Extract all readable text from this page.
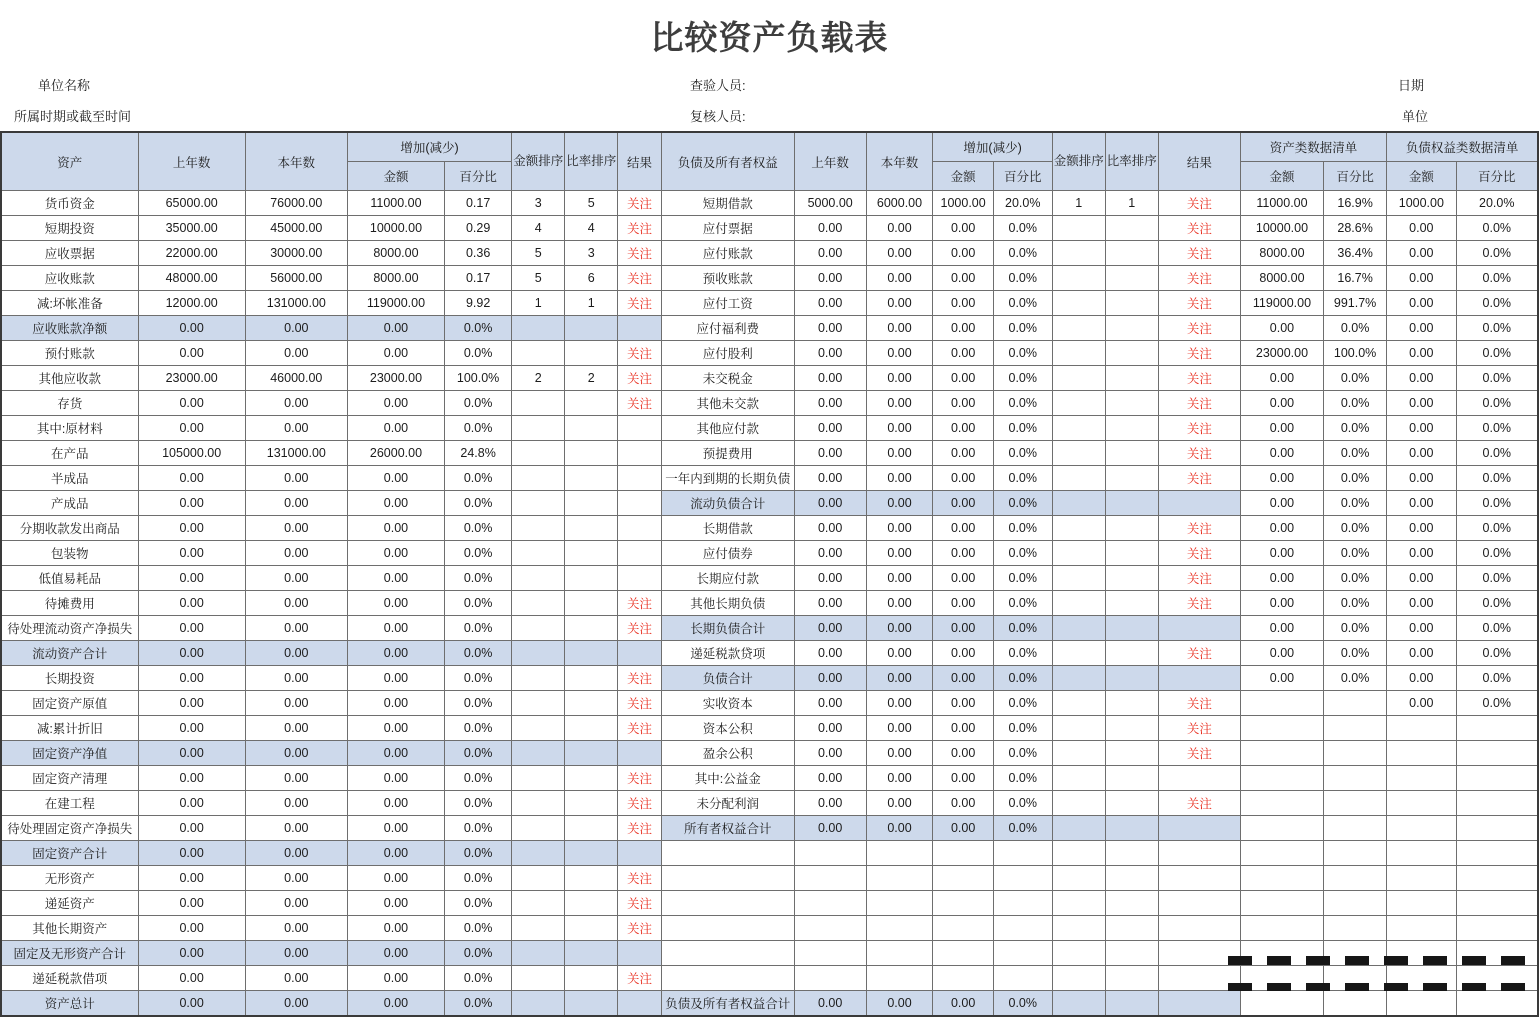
比较资产负载表
单位名称
所属时期或截至时间
查验人员:
复核人员:
日期
单位
资产	上年数	本年数	增加(减少)		金额排序	比率排序	结果	负债及所有者权益	上年数	本年数	增加(减少)		金额排序	比率排序	结果	资产类数据清单		负债权益类数据清单	
			金额	百分比							金额	百分比				金额	百分比	金额	百分比
货币资金	65000.00	76000.00	11000.00	0.17	3	5	关注	短期借款	5000.00	6000.00	1000.00	20.0%	1	1	关注	11000.00	16.9%	1000.00	20.0%
短期投资	35000.00	45000.00	10000.00	0.29	4	4	关注	应付票据	0.00	0.00	0.00	0.0%			关注	10000.00	28.6%	0.00	0.0%
应收票据	22000.00	30000.00	8000.00	0.36	5	3	关注	应付账款	0.00	0.00	0.00	0.0%			关注	8000.00	36.4%	0.00	0.0%
应收账款	48000.00	56000.00	8000.00	0.17	5	6	关注	预收账款	0.00	0.00	0.00	0.0%			关注	8000.00	16.7%	0.00	0.0%
减:坏帐准备	12000.00	131000.00	119000.00	9.92	1	1	关注	应付工资	0.00	0.00	0.00	0.0%			关注	119000.00	991.7%	0.00	0.0%
应收账款净额	0.00	0.00	0.00	0.0%				应付福利费	0.00	0.00	0.00	0.0%			关注	0.00	0.0%	0.00	0.0%
预付账款	0.00	0.00	0.00	0.0%			关注	应付股利	0.00	0.00	0.00	0.0%			关注	23000.00	100.0%	0.00	0.0%
其他应收款	23000.00	46000.00	23000.00	100.0%	2	2	关注	未交税金	0.00	0.00	0.00	0.0%			关注	0.00	0.0%	0.00	0.0%
存货	0.00	0.00	0.00	0.0%			关注	其他未交款	0.00	0.00	0.00	0.0%			关注	0.00	0.0%	0.00	0.0%
其中:原材料	0.00	0.00	0.00	0.0%				其他应付款	0.00	0.00	0.00	0.0%			关注	0.00	0.0%	0.00	0.0%
在产品	105000.00	131000.00	26000.00	24.8%				预提费用	0.00	0.00	0.00	0.0%			关注	0.00	0.0%	0.00	0.0%
半成品	0.00	0.00	0.00	0.0%				一年内到期的长期负债	0.00	0.00	0.00	0.0%			关注	0.00	0.0%	0.00	0.0%
产成品	0.00	0.00	0.00	0.0%				流动负债合计	0.00	0.00	0.00	0.0%				0.00	0.0%	0.00	0.0%
分期收款发出商品	0.00	0.00	0.00	0.0%				长期借款	0.00	0.00	0.00	0.0%			关注	0.00	0.0%	0.00	0.0%
包装物	0.00	0.00	0.00	0.0%				应付债券	0.00	0.00	0.00	0.0%			关注	0.00	0.0%	0.00	0.0%
低值易耗品	0.00	0.00	0.00	0.0%				长期应付款	0.00	0.00	0.00	0.0%			关注	0.00	0.0%	0.00	0.0%
待摊费用	0.00	0.00	0.00	0.0%			关注	其他长期负债	0.00	0.00	0.00	0.0%			关注	0.00	0.0%	0.00	0.0%
待处理流动资产净损失	0.00	0.00	0.00	0.0%			关注	长期负债合计	0.00	0.00	0.00	0.0%				0.00	0.0%	0.00	0.0%
流动资产合计	0.00	0.00	0.00	0.0%				递延税款贷项	0.00	0.00	0.00	0.0%			关注	0.00	0.0%	0.00	0.0%
长期投资	0.00	0.00	0.00	0.0%			关注	负债合计	0.00	0.00	0.00	0.0%				0.00	0.0%	0.00	0.0%
固定资产原值	0.00	0.00	0.00	0.0%			关注	实收资本	0.00	0.00	0.00	0.0%			关注			0.00	0.0%
减:累计折旧	0.00	0.00	0.00	0.0%			关注	资本公积	0.00	0.00	0.00	0.0%			关注				
固定资产净值	0.00	0.00	0.00	0.0%				盈余公积	0.00	0.00	0.00	0.0%			关注				
固定资产清理	0.00	0.00	0.00	0.0%			关注	其中:公益金	0.00	0.00	0.00	0.0%							
在建工程	0.00	0.00	0.00	0.0%			关注	未分配利润	0.00	0.00	0.00	0.0%			关注				
待处理固定资产净损失	0.00	0.00	0.00	0.0%			关注	所有者权益合计	0.00	0.00	0.00	0.0%							
固定资产合计	0.00	0.00	0.00	0.0%															
无形资产	0.00	0.00	0.00	0.0%			关注												
递延资产	0.00	0.00	0.00	0.0%			关注												
其他长期资产	0.00	0.00	0.00	0.0%			关注												
固定及无形资产合计	0.00	0.00	0.00	0.0%															
递延税款借项	0.00	0.00	0.00	0.0%			关注												
资产总计	0.00	0.00	0.00	0.0%				负债及所有者权益合计	0.00	0.00	0.00	0.0%							
